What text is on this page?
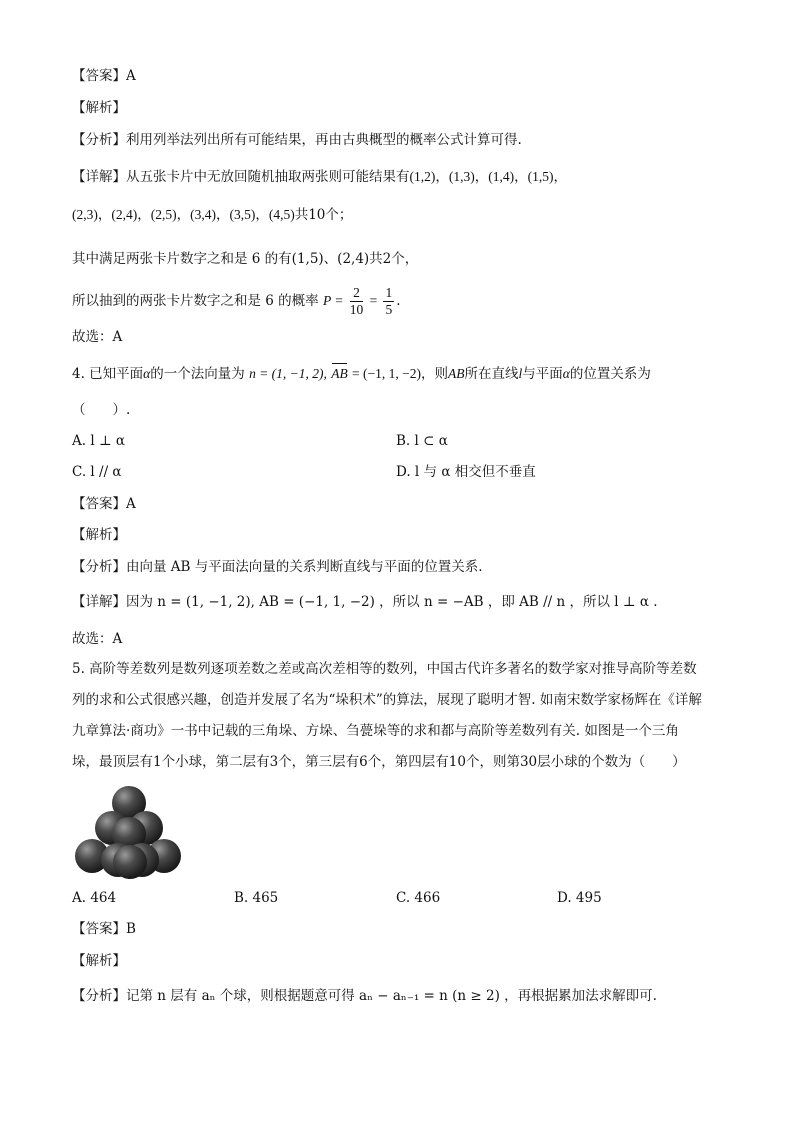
【答案】A
【解析】
【分析】利用列举法列出所有可能结果，再由古典概型的概率公式计算可得.
【详解】从五张卡片中无放回随机抽取两张则可能结果有(1,2)，(1,3)，(1,4)，(1,5)，
(2,3)，(2,4)，(2,5)，(3,4)，(3,5)，(4,5)共10个；
其中满足两张卡片数字之和是 6 的有(1,5)、(2,4)共2个，
所以抽到的两张卡片数字之和是 6 的概率 $P = \frac{2}{10} = \frac{1}{5}$ .
故选：A
4. 已知平面α的一个法向量为 n = (1, −1, 2), AB = (−1, 1, −2)，则AB所在直线l与平面α的位置关系为
（　　）.
A. l ⊥ α	B. l ⊂ α
C. l // α	D. l 与 α 相交但不垂直
【答案】A
【解析】
【分析】由向量 AB 与平面法向量的关系判断直线与平面的位置关系.
【详解】因为 n = (1, −1, 2), AB = (−1, 1, −2) ，所以 n = −AB ，即 AB // n ，所以 l ⊥ α .
故选：A
5. 高阶等差数列是数列逐项差数之差或高次差相等的数列，中国古代许多著名的数学家对推导高阶等差数
列的求和公式很感兴趣，创造并发展了名为“垛积术”的算法，展现了聪明才智. 如南宋数学家杨辉在《详解
九章算法·商功》一书中记载的三角垛、方垛、刍甍垛等的求和都与高阶等差数列有关. 如图是一个三角
垛，最顶层有1个小球，第二层有3个，第三层有6个，第四层有10个，则第30层小球的个数为（　　）
A. 464	B. 465	C. 466	D. 495
【答案】B
【解析】
【分析】记第 n 层有 aₙ 个球，则根据题意可得 aₙ − aₙ₋₁ = n (n ≥ 2) ，再根据累加法求解即可.
